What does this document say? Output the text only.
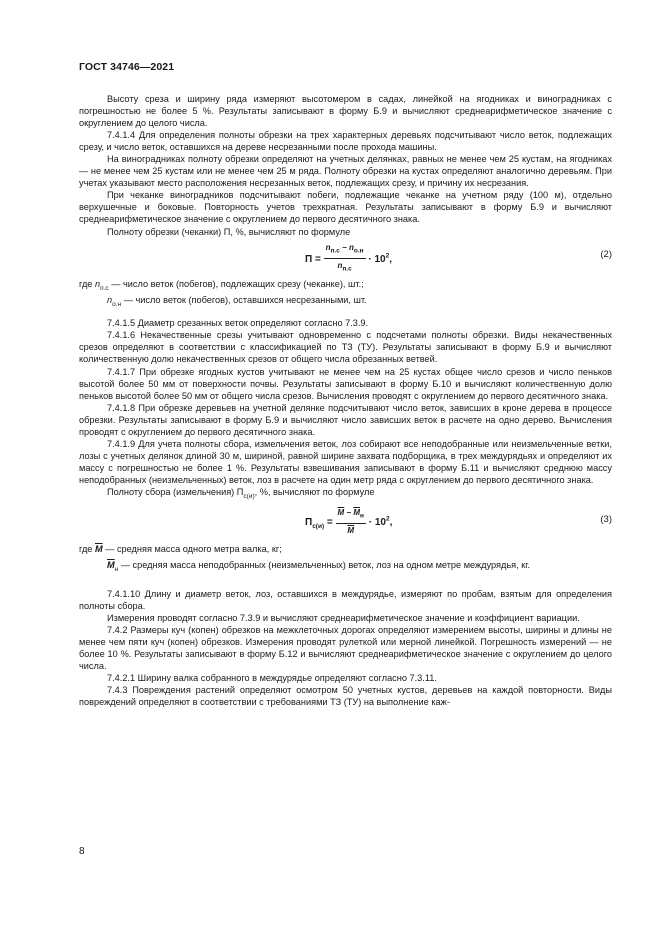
ГОСТ 34746—2021

Высоту среза и ширину ряда измеряют высотомером в садах, линейкой на ягодниках и виноградниках с погрешностью не более 5 %. Результаты записывают в форму Б.9 и вычисляют среднеарифметическое значение с округлением до целого числа.

7.4.1.4 Для определения полноты обрезки на трех характерных деревьях подсчитывают число веток, подлежащих срезу, и число веток, оставшихся на дереве несрезанными после прохода машины.

На виноградниках полноту обрезки определяют на учетных делянках, равных не менее чем 25 кустам, на ягодниках — не менее чем 25 кустам или не менее чем 25 м ряда. Полноту обрезки на кустах определяют аналогично деревьям. При учетах указывают место расположения несрезанных веток, подлежащих срезу, и причину их несрезания.

При чеканке виноградников подсчитывают побеги, подлежащие чеканке на учетном ряду (100 м), отдельно верхушечные и боковые. Повторность учетов трехкратная. Результаты записывают в форму Б.9 и вычисляют среднеарифметическое значение с округлением до первого десятичного знака.

Полноту обрезки (чеканки) П, %, вычисляют по формуле

$П = \frac{n_{п.с} - n_{о.н}}{n_{п.с}} \cdot 10^2$,	(2)
где $n_{п.с}$ — число веток (побегов), подлежащих срезу (чеканке), шт.;
$n_{о.н}$ — число веток (побегов), оставшихся несрезанными, шт.

7.4.1.5 Диаметр срезанных веток определяют согласно 7.3.9.

7.4.1.6 Некачественные срезы учитывают одновременно с подсчетами полноты обрезки. Виды некачественных срезов определяют в соответствии с классификацией по ТЗ (ТУ). Результаты записывают в форму Б.9 и вычисляют количественную долю некачественных срезов от общего числа обрезанных ветвей.

7.4.1.7 При обрезке ягодных кустов учитывают не менее чем на 25 кустах общее число срезов и число пеньков высотой более 50 мм от поверхности почвы. Результаты записывают в форму Б.10 и вычисляют количественную долю пеньков высотой более 50 мм от общего числа срезов. Вычисления проводят с округлением до первого десятичного знака.

7.4.1.8 При обрезке деревьев на учетной делянке подсчитывают число веток, зависших в кроне дерева в процессе обрезки. Результаты записывают в форму Б.9 и вычисляют число зависших веток в расчете на одно дерево. Вычисления проводят с округлением до первого десятичного знака.

7.4.1.9 Для учета полноты сбора, измельчения веток, лоз собирают все неподобранные или неизмельченные ветки, лозы с учетных делянок длиной 30 м, шириной, равной ширине захвата подборщика, в трех междурядьях и определяют их массу с погрешностью не более 1 %. Результаты взвешивания записывают в форму Б.11 и вычисляют среднюю массу неподобранных (неизмельченных) веток, лоз в расчете на один метр ряда с округлением до первого десятичного знака.

Полноту сбора (измельчения) $П_{с(и)}$, %, вычисляют по формуле

$П_{с(и)} = \frac{\overline{M} - \overline{M}_н}{M} \cdot 10^2$,	(3)
где $\overline{M}$ — средняя масса одного метра валка, кг;
$\overline{M}_н$ — средняя масса неподобранных (неизмельченных) веток, лоз на одном метре междурядья, кг.

7.4.1.10 Длину и диаметр веток, лоз, оставшихся в междурядье, измеряют по пробам, взятым для определения полноты сбора.

Измерения проводят согласно 7.3.9 и вычисляют среднеарифметическое значение и коэффициент вариации.

7.4.2 Размеры куч (копен) обрезков на межклеточных дорогах определяют измерением высоты, ширины и длины не менее чем пяти куч (копен) обрезков. Измерения проводят рулеткой или мерной линейкой. Погрешность измерений — не более 10 %. Результаты записывают в форму Б.12 и вычисляют среднеарифметическое значение с округлением до целого числа.

7.4.2.1 Ширину валка собранного в междурядье определяют согласно 7.3.11.

7.4.3 Повреждения растений определяют осмотром 50 учетных кустов, деревьев на каждой повторности. Виды повреждений определяют в соответствии с требованиями ТЗ (ТУ) на выполнение каж-

8
